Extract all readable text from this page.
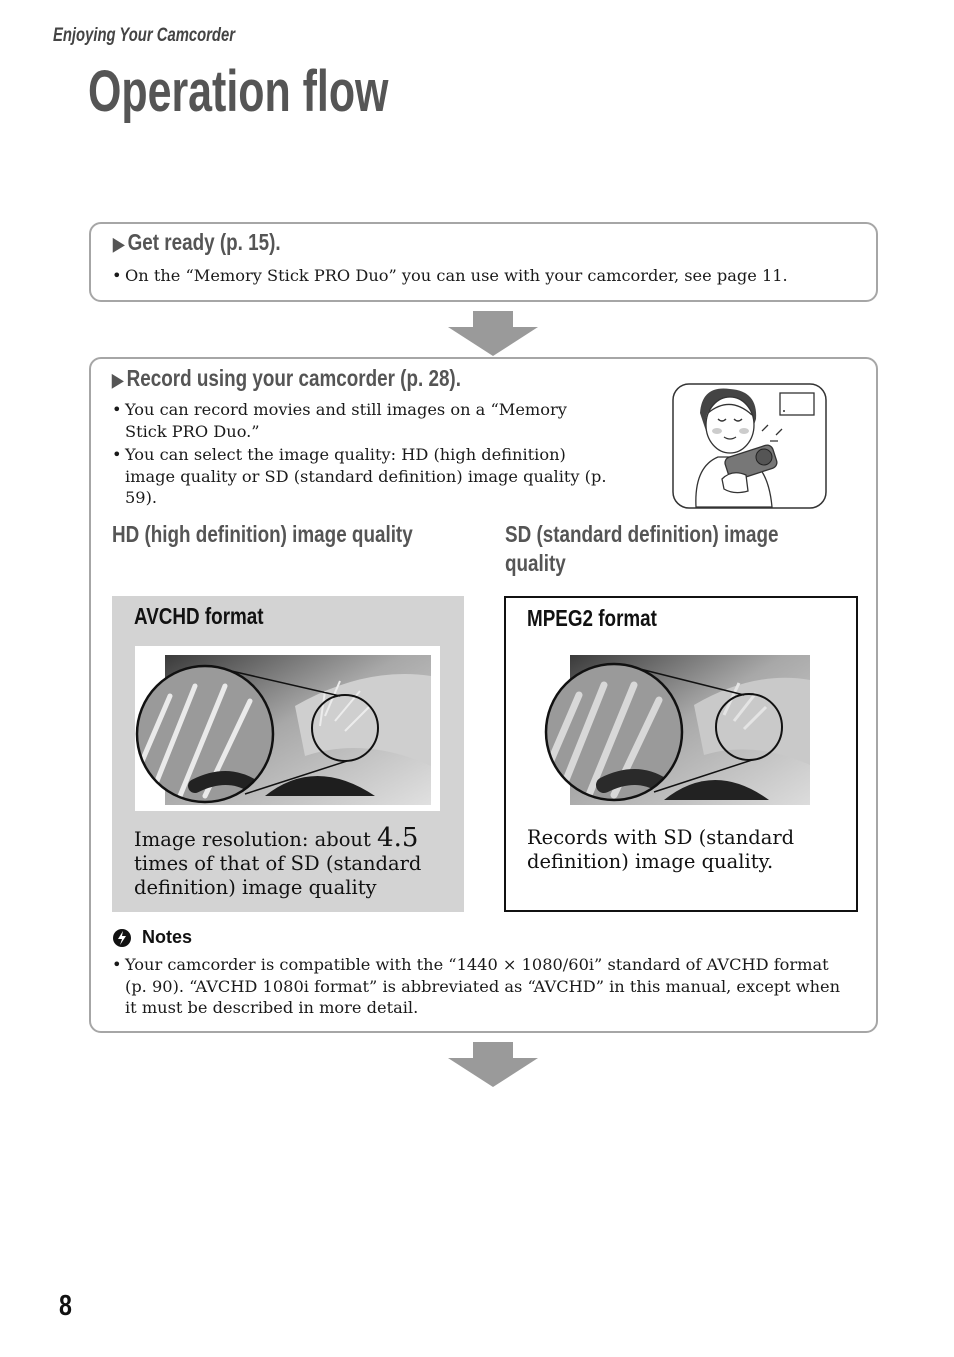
Enjoying Your Camcorder
Operation flow
▶ Get ready (p. 15).
• On the “Memory Stick PRO Duo” you can use with your camcorder, see page 11.
▶ Record using your camcorder (p. 28).
• You can record movies and still images on a “Memory Stick PRO Duo.”
• You can select the image quality: HD (high definition) image quality or SD (standard definition) image quality (p. 59).
HD (high definition) image quality	SD (standard definition) image quality
AVCHD format
Image resolution: about 4.5 times of that of SD (standard definition) image quality
MPEG2 format
Records with SD (standard definition) image quality.
Notes
• Your camcorder is compatible with the “1440 × 1080/60i” standard of AVCHD format (p. 90). “AVCHD 1080i format” is abbreviated as “AVCHD” in this manual, except when it must be described in more detail.
8
